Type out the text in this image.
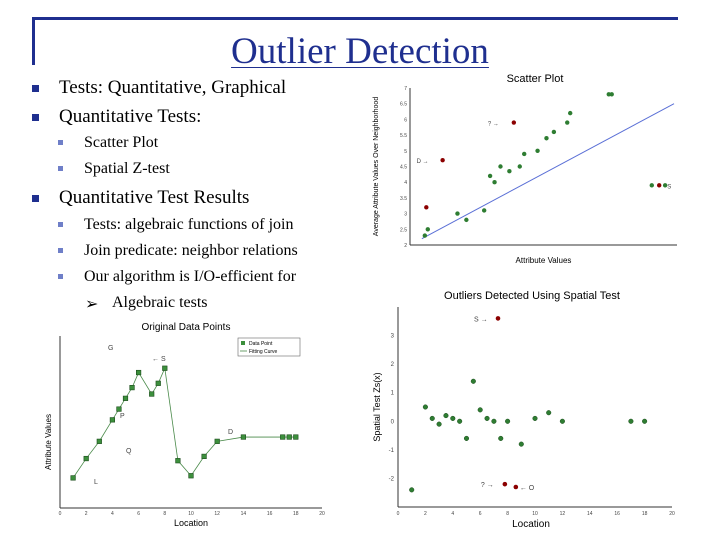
Outlier Detection
Tests: Quantitative, Graphical
Quantitative Tests:
Scatter Plot
Spatial Z-test
Quantitative Test Results
Tests: algebraic functions of join
Join predicate: neighbor relations
Our algorithm is I/O-efficient for
➢ Algebraic tests
Scatter Plot
2
2.5
3
3.5
4
4.5
5
5.5
6
6.5
7
Average Attribute Values Over Neighborhood
Attribute Values
D →
? →
S
Original Data Points
0	2	4	6	8	10	12	14	16	18	20
Attribute Values
Location
Data Point
Fitting Curve
G
← S
P
Q
D
L
Outliers Detected Using Spatial Test
0	2	4	6	8	10	12	14	16	18	20
-2
-1
0
1
2
3
Spatial Test Zs(x)
Location
S →
← O
? →
